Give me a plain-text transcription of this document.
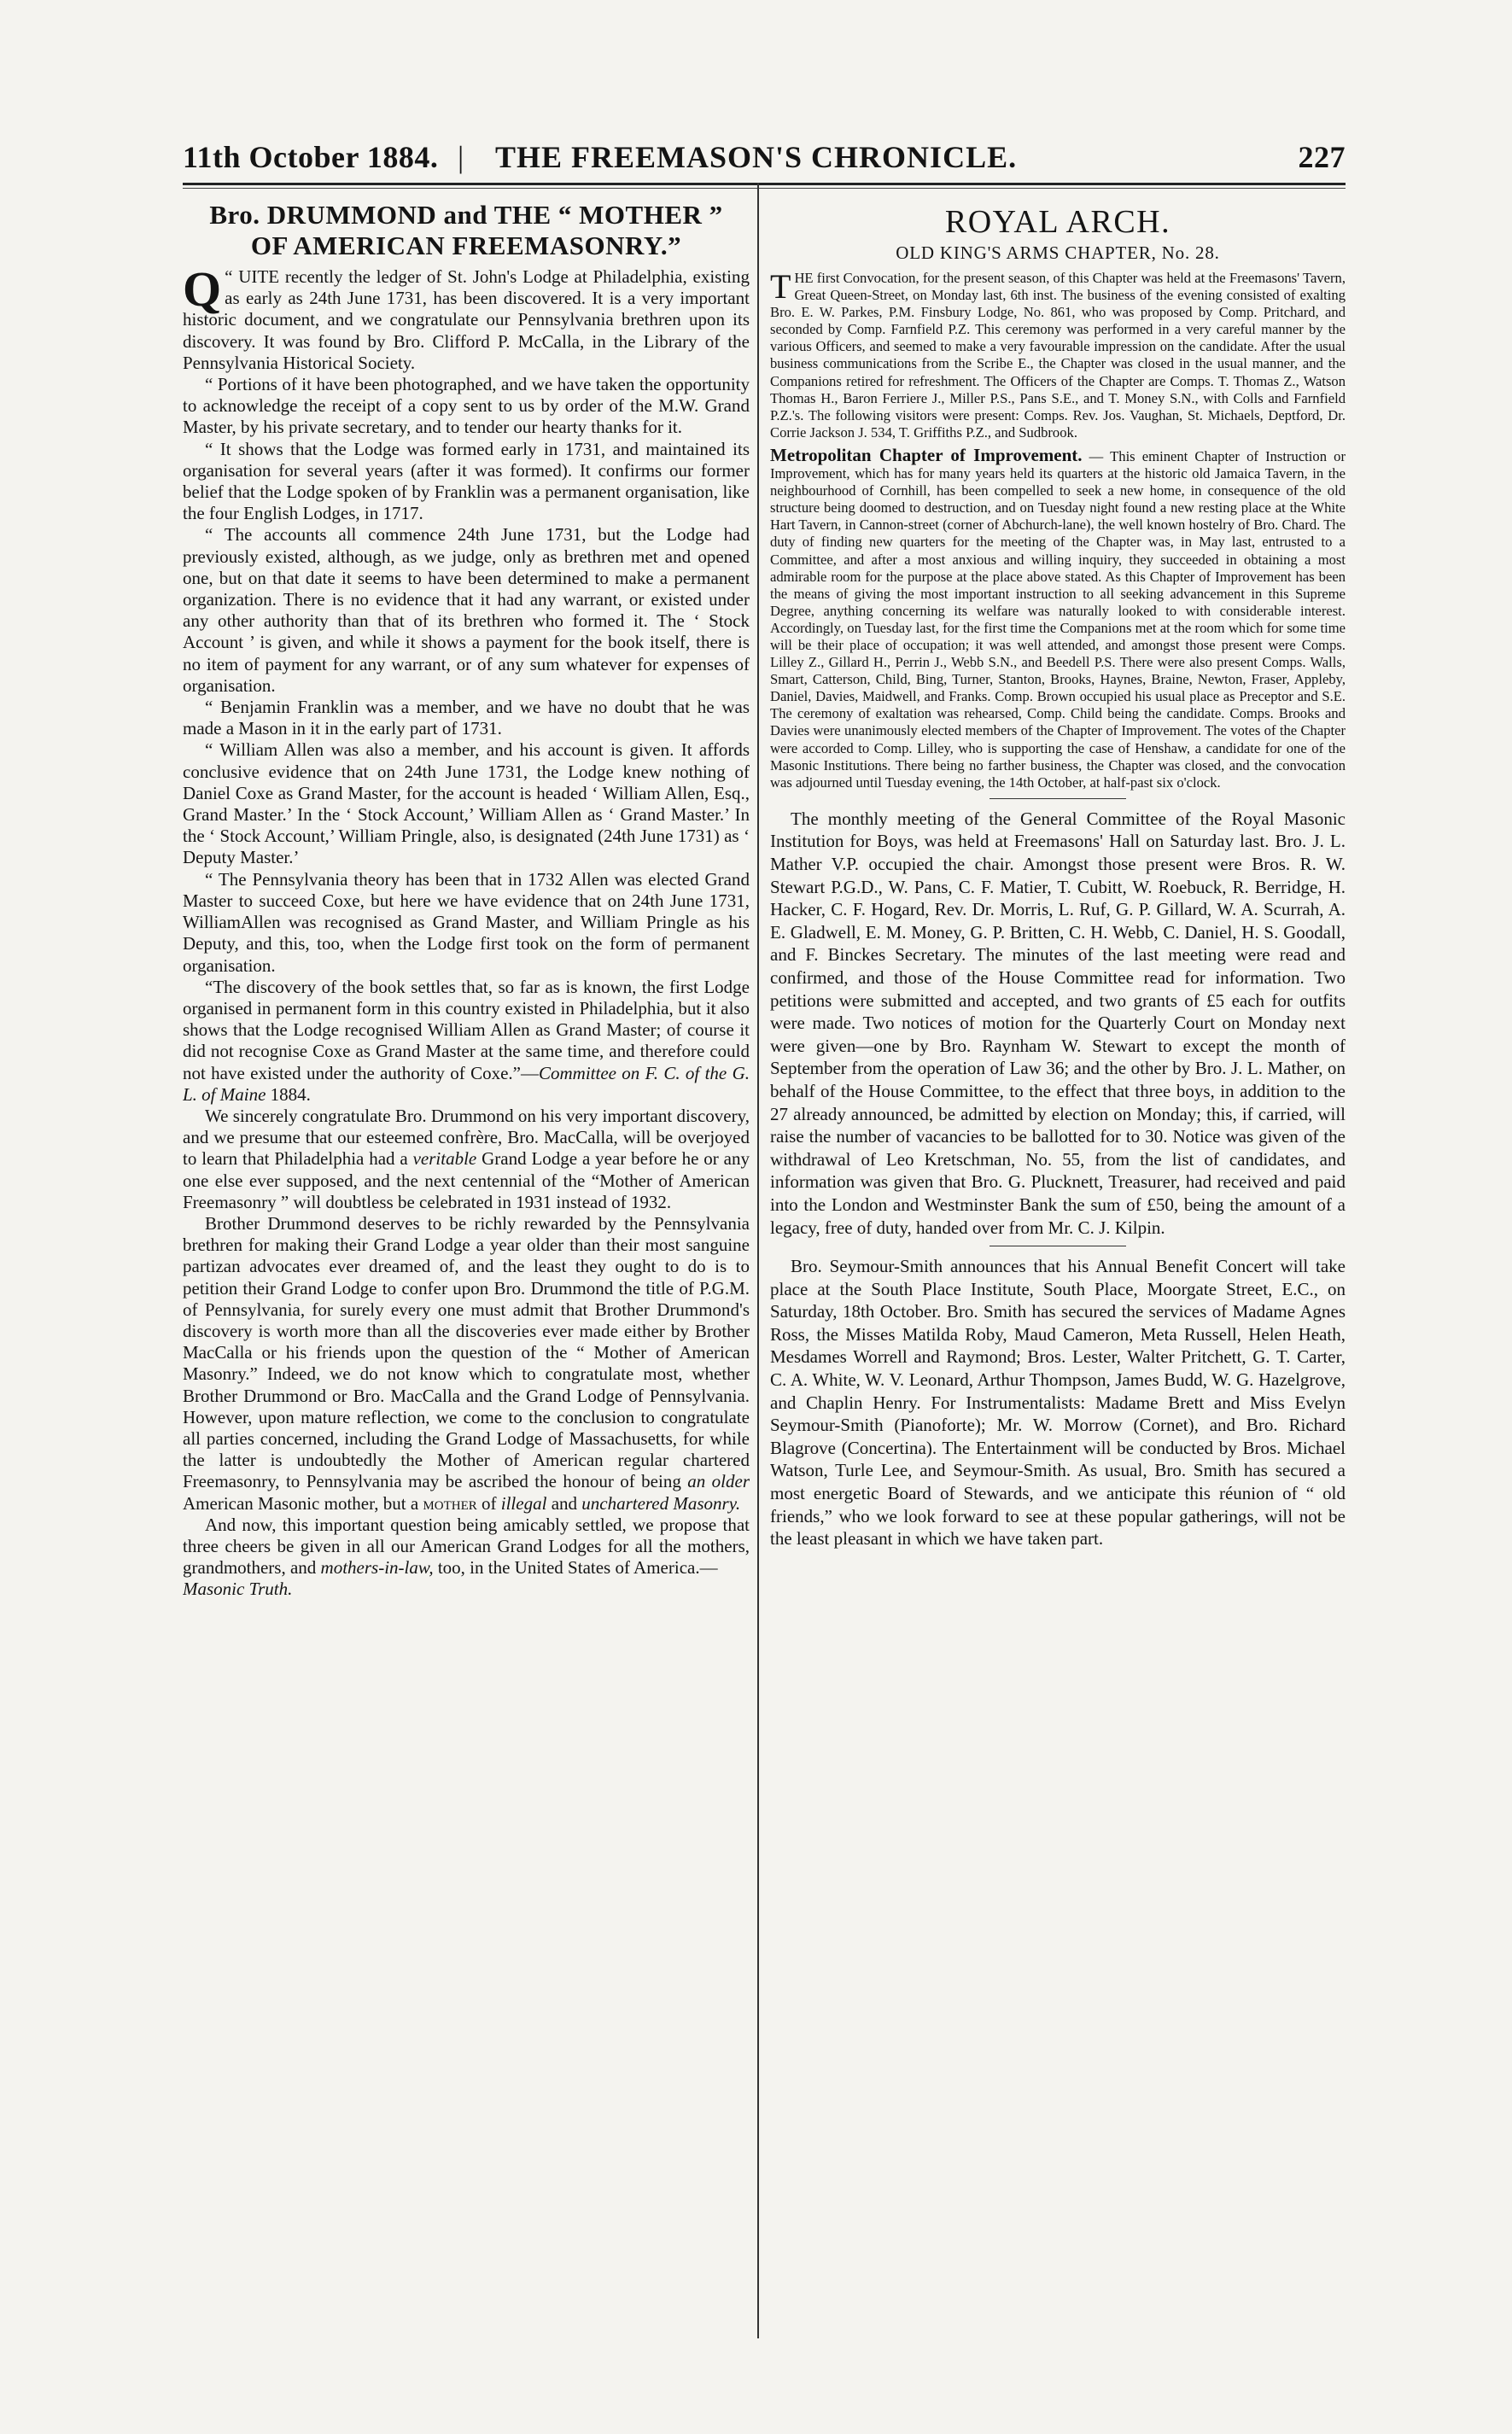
11th October 1884. | THE FREEMASON'S CHRONICLE.	227
Bro. DRUMMOND and THE “ MOTHER ”
OF AMERICAN FREEMASONRY.”

“
Q UITE recently the ledger of St. John's Lodge at Philadelphia, existing as early as 24th June 1731, has been discovered. It is a very important historic document, and we congratulate our Pennsylvania brethren upon its discovery. It was found by Bro. Clifford P. McCalla, in the Library of the Pennsylvania Historical Society.

“ Portions of it have been photographed, and we have taken the opportunity to acknowledge the receipt of a copy sent to us by order of the M.W. Grand Master, by his private secretary, and to tender our hearty thanks for it.

“ It shows that the Lodge was formed early in 1731, and maintained its organisation for several years (after it was formed). It confirms our former belief that the Lodge spoken of by Franklin was a permanent organisation, like the four English Lodges, in 1717.

“ The accounts all commence 24th June 1731, but the Lodge had previously existed, although, as we judge, only as brethren met and opened one, but on that date it seems to have been determined to make a permanent organization. There is no evidence that it had any warrant, or existed under any other authority than that of its brethren who formed it. The ‘ Stock Account ’ is given, and while it shows a payment for the book itself, there is no item of payment for any warrant, or of any sum whatever for expenses of organisation.

“ Benjamin Franklin was a member, and we have no doubt that he was made a Mason in it in the early part of 1731.

“ William Allen was also a member, and his account is given. It affords conclusive evidence that on 24th June 1731, the Lodge knew nothing of Daniel Coxe as Grand Master, for the account is headed ‘ William Allen, Esq., Grand Master.’ In the ‘ Stock Account,’ William Allen as ‘ Grand Master.’ In the ‘ Stock Account,’ William Pringle, also, is designated (24th June 1731) as ‘ Deputy Master.’

“ The Pennsylvania theory has been that in 1732 Allen was elected Grand Master to succeed Coxe, but here we have evidence that on 24th June 1731, WilliamAllen was recognised as Grand Master, and William Pringle as his Deputy, and this, too, when the Lodge first took on the form of permanent organisation.

“The discovery of the book settles that, so far as is known, the first Lodge organised in permanent form in this country existed in Philadelphia, but it also shows that the Lodge recognised William Allen as Grand Master; of course it did not recognise Coxe as Grand Master at the same time, and therefore could not have existed under the authority of Coxe.”—Committee on F. C. of the G. L. of Maine 1884.

We sincerely congratulate Bro. Drummond on his very important discovery, and we presume that our esteemed confrère, Bro. MacCalla, will be overjoyed to learn that Philadelphia had a veritable Grand Lodge a year before he or any one else ever supposed, and the next centennial of the “Mother of American Freemasonry ” will doubtless be celebrated in 1931 instead of 1932.

Brother Drummond deserves to be richly rewarded by the Pennsylvania brethren for making their Grand Lodge a year older than their most sanguine partizan advocates ever dreamed of, and the least they ought to do is to petition their Grand Lodge to confer upon Bro. Drummond the title of P.G.M. of Pennsylvania, for surely every one must admit that Brother Drummond's discovery is worth more than all the discoveries ever made either by Brother MacCalla or his friends upon the question of the “ Mother of American Masonry.” Indeed, we do not know which to congratulate most, whether Brother Drummond or Bro. MacCalla and the Grand Lodge of Pennsylvania. However, upon mature reflection, we come to the conclusion to congratulate all parties concerned, including the Grand Lodge of Massachusetts, for while the latter is undoubtedly the Mother of American regular chartered Freemasonry, to Pennsylvania may be ascribed the honour of being an older American Masonic mother, but a mother of illegal and unchartered Masonry.

And now, this important question being amicably settled, we propose that three cheers be given in all our American Grand Lodges for all the mothers, grandmothers, and mothers-in-law, too, in the United States of America.—

Masonic Truth.

ROYAL ARCH.
OLD KING'S ARMS CHAPTER, No. 28.

THE first Convocation, for the present season, of this Chapter was held at the Freemasons' Tavern, Great Queen-Street, on Monday last, 6th inst. The business of the evening consisted of exalting Bro. E. W. Parkes, P.M. Finsbury Lodge, No. 861, who was proposed by Comp. Pritchard, and seconded by Comp. Farnfield P.Z. This ceremony was performed in a very careful manner by the various Officers, and seemed to make a very favourable impression on the candidate. After the usual business communications from the Scribe E., the Chapter was closed in the usual manner, and the Companions retired for refreshment. The Officers of the Chapter are Comps. T. Thomas Z., Watson Thomas H., Baron Ferriere J., Miller P.S., Pans S.E., and T. Money S.N., with Colls and Farnfield P.Z.'s. The following visitors were present: Comps. Rev. Jos. Vaughan, St. Michaels, Deptford, Dr. Corrie Jackson J. 534, T. Griffiths P.Z., and Sudbrook.

Metropolitan Chapter of Improvement. — This eminent Chapter of Instruction or Improvement, which has for many years held its quarters at the historic old Jamaica Tavern, in the neighbourhood of Cornhill, has been compelled to seek a new home, in consequence of the old structure being doomed to destruction, and on Tuesday night found a new resting place at the White Hart Tavern, in Cannon-street (corner of Abchurch-lane), the well known hostelry of Bro. Chard. The duty of finding new quarters for the meeting of the Chapter was, in May last, entrusted to a Committee, and after a most anxious and willing inquiry, they succeeded in obtaining a most admirable room for the purpose at the place above stated. As this Chapter of Improvement has been the means of giving the most important instruction to all seeking advancement in this Supreme Degree, anything concerning its welfare was naturally looked to with considerable interest. Accordingly, on Tuesday last, for the first time the Companions met at the room which for some time will be their place of occupation; it was well attended, and amongst those present were Comps. Lilley Z., Gillard H., Perrin J., Webb S.N., and Beedell P.S. There were also present Comps. Walls, Smart, Catterson, Child, Bing, Turner, Stanton, Brooks, Haynes, Braine, Newton, Fraser, Appleby, Daniel, Davies, Maidwell, and Franks. Comp. Brown occupied his usual place as Preceptor and S.E. The ceremony of exaltation was rehearsed, Comp. Child being the candidate. Comps. Brooks and Davies were unanimously elected members of the Chapter of Improvement. The votes of the Chapter were accorded to Comp. Lilley, who is supporting the case of Henshaw, a candidate for one of the Masonic Institutions. There being no farther business, the Chapter was closed, and the convocation was adjourned until Tuesday evening, the 14th October, at half-past six o'clock.

The monthly meeting of the General Committee of the Royal Masonic Institution for Boys, was held at Freemasons' Hall on Saturday last. Bro. J. L. Mather V.P. occupied the chair. Amongst those present were Bros. R. W. Stewart P.G.D., W. Pans, C. F. Matier, T. Cubitt, W. Roebuck, R. Berridge, H. Hacker, C. F. Hogard, Rev. Dr. Morris, L. Ruf, G. P. Gillard, W. A. Scurrah, A. E. Gladwell, E. M. Money, G. P. Britten, C. H. Webb, C. Daniel, H. S. Goodall, and F. Binckes Secretary. The minutes of the last meeting were read and confirmed, and those of the House Committee read for information. Two petitions were submitted and accepted, and two grants of £5 each for outfits were made. Two notices of motion for the Quarterly Court on Monday next were given—one by Bro. Raynham W. Stewart to except the month of September from the operation of Law 36; and the other by Bro. J. L. Mather, on behalf of the House Committee, to the effect that three boys, in addition to the 27 already announced, be admitted by election on Monday; this, if carried, will raise the number of vacancies to be ballotted for to 30. Notice was given of the withdrawal of Leo Kretschman, No. 55, from the list of candidates, and information was given that Bro. G. Plucknett, Treasurer, had received and paid into the London and Westminster Bank the sum of £50, being the amount of a legacy, free of duty, handed over from Mr. C. J. Kilpin.

Bro. Seymour-Smith announces that his Annual Benefit Concert will take place at the South Place Institute, South Place, Moorgate Street, E.C., on Saturday, 18th October. Bro. Smith has secured the services of Madame Agnes Ross, the Misses Matilda Roby, Maud Cameron, Meta Russell, Helen Heath, Mesdames Worrell and Raymond; Bros. Lester, Walter Pritchett, G. T. Carter, C. A. White, W. V. Leonard, Arthur Thompson, James Budd, W. G. Hazelgrove, and Chaplin Henry. For Instrumentalists: Madame Brett and Miss Evelyn Seymour-Smith (Pianoforte); Mr. W. Morrow (Cornet), and Bro. Richard Blagrove (Concertina). The Entertainment will be conducted by Bros. Michael Watson, Turle Lee, and Seymour-Smith. As usual, Bro. Smith has secured a most energetic Board of Stewards, and we anticipate this réunion of “ old friends,” who we look forward to see at these popular gatherings, will not be the least pleasant in which we have taken part.
